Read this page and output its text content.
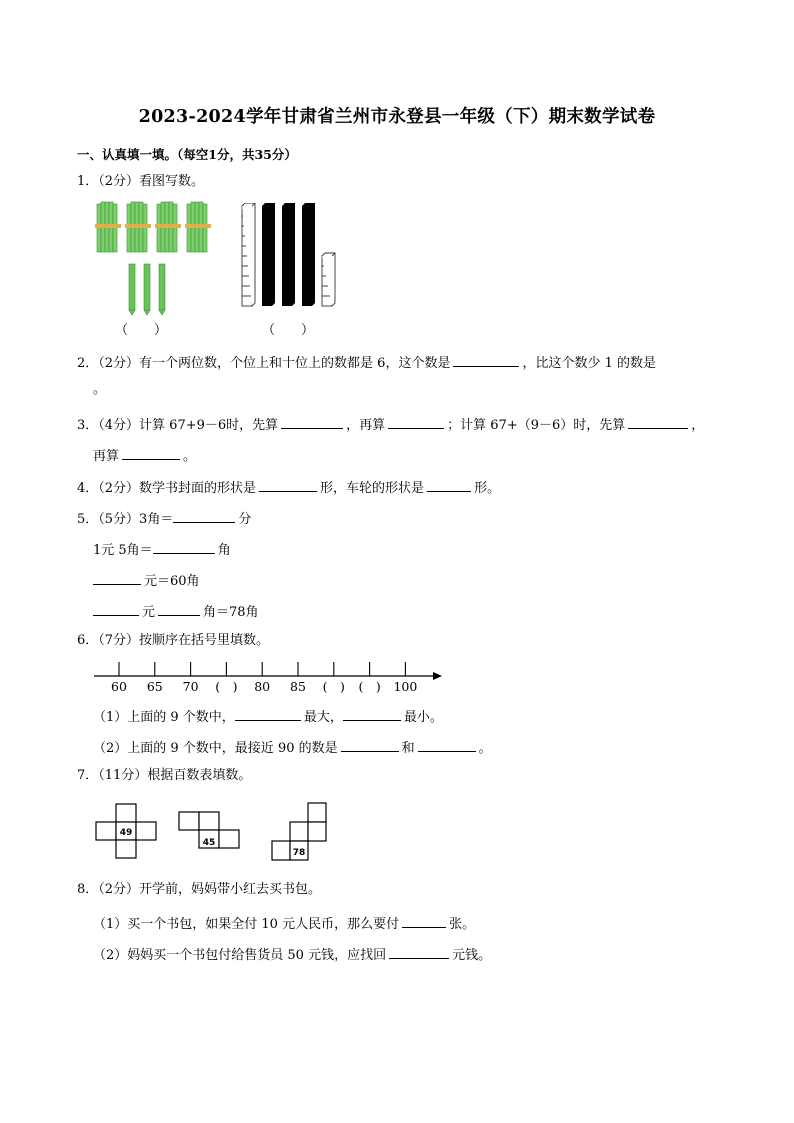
2023-2024学年甘肃省兰州市永登县一年级（下）期末数学试卷
一、认真填一填。（每空1分，共35分）
1．（2分）看图写数。
（　　）	（　　）
2．（2分）有一个两位数，个位上和十位上的数都是 6，这个数是	，比这个数少 1 的数是
。
3．（4分）计算 67+9－6时，先算	，再算	；计算 67+（9－6）时，先算	，
再算	。
4．（2分）数学书封面的形状是	形，车轮的形状是	形。
5．（5分）3角＝	分
1元 5角＝	角
元＝60角
元	角＝78角
6．（7分）按顺序在括号里填数。
60 65 70 (　) 80 85 (　) (　) 100
（1）上面的 9 个数中，	最大，	最小。
（2）上面的 9 个数中，最接近 90 的数是	和	。
7．（11分）根据百数表填数。
49
45
78
8．（2分）开学前，妈妈带小红去买书包。
（1）买一个书包，如果全付 10 元人民币，那么要付	张。
（2）妈妈买一个书包付给售货员 50 元钱，应找回	元钱。
